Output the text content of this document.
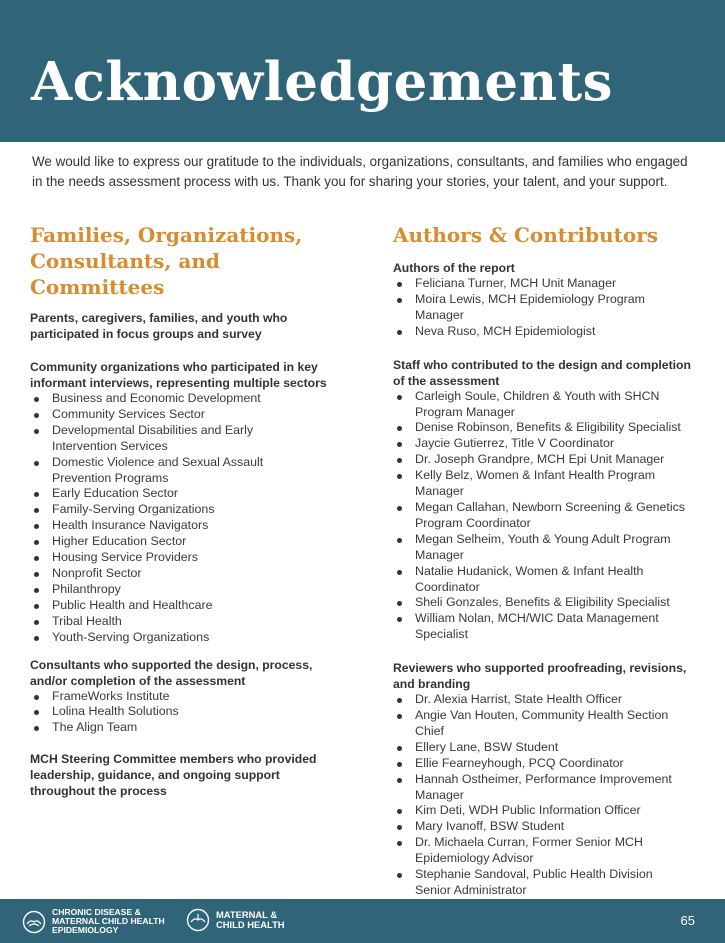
Acknowledgements

We would like to express our gratitude to the individuals, organizations, consultants, and families who engaged in the needs assessment process with us. Thank you for sharing your stories, your talent, and your support.

Families, Organizations,
Consultants, and
Committees
Parents, caregivers, families, and youth who
participated in focus groups and survey
Community organizations who participated in key
informant interviews, representing multiple sectors
Business and Economic Development
Community Services Sector
Developmental Disabilities and Early
Intervention Services
Domestic Violence and Sexual Assault
Prevention Programs
Early Education Sector
Family-Serving Organizations
Health Insurance Navigators
Higher Education Sector
Housing Service Providers
Nonprofit Sector
Philanthropy
Public Health and Healthcare
Tribal Health
Youth-Serving Organizations
Consultants who supported the design, process,
and/or completion of the assessment
FrameWorks Institute
Lolina Health Solutions
The Align Team
MCH Steering Committee members who provided
leadership, guidance, and ongoing support
throughout the process
Authors & Contributors
Authors of the report
Feliciana Turner, MCH Unit Manager
Moira Lewis, MCH Epidemiology Program
Manager
Neva Ruso, MCH Epidemiologist
Staff who contributed to the design and completion
of the assessment
Carleigh Soule, Children & Youth with SHCN
Program Manager
Denise Robinson, Benefits & Eligibility Specialist
Jaycie Gutierrez, Title V Coordinator
Dr. Joseph Grandpre, MCH Epi Unit Manager
Kelly Belz, Women & Infant Health Program
Manager
Megan Callahan, Newborn Screening & Genetics
Program Coordinator
Megan Selheim, Youth & Young Adult Program
Manager
Natalie Hudanick, Women & Infant Health
Coordinator
Sheli Gonzales, Benefits & Eligibility Specialist
William Nolan, MCH/WIC Data Management
Specialist
Reviewers who supported proofreading, revisions,
and branding
Dr. Alexia Harrist, State Health Officer
Angie Van Houten, Community Health Section
Chief
Ellery Lane, BSW Student
Ellie Fearneyhough, PCQ Coordinator
Hannah Ostheimer, Performance Improvement
Manager
Kim Deti, WDH Public Information Officer
Mary Ivanoff, BSW Student
Dr. Michaela Curran, Former Senior MCH
Epidemiology Advisor
Stephanie Sandoval, Public Health Division
Senior Administrator
CHRONIC DISEASE &
MATERNAL CHILD HEALTH
EPIDEMIOLOGY
MATERNAL &
CHILD HEALTH	65
